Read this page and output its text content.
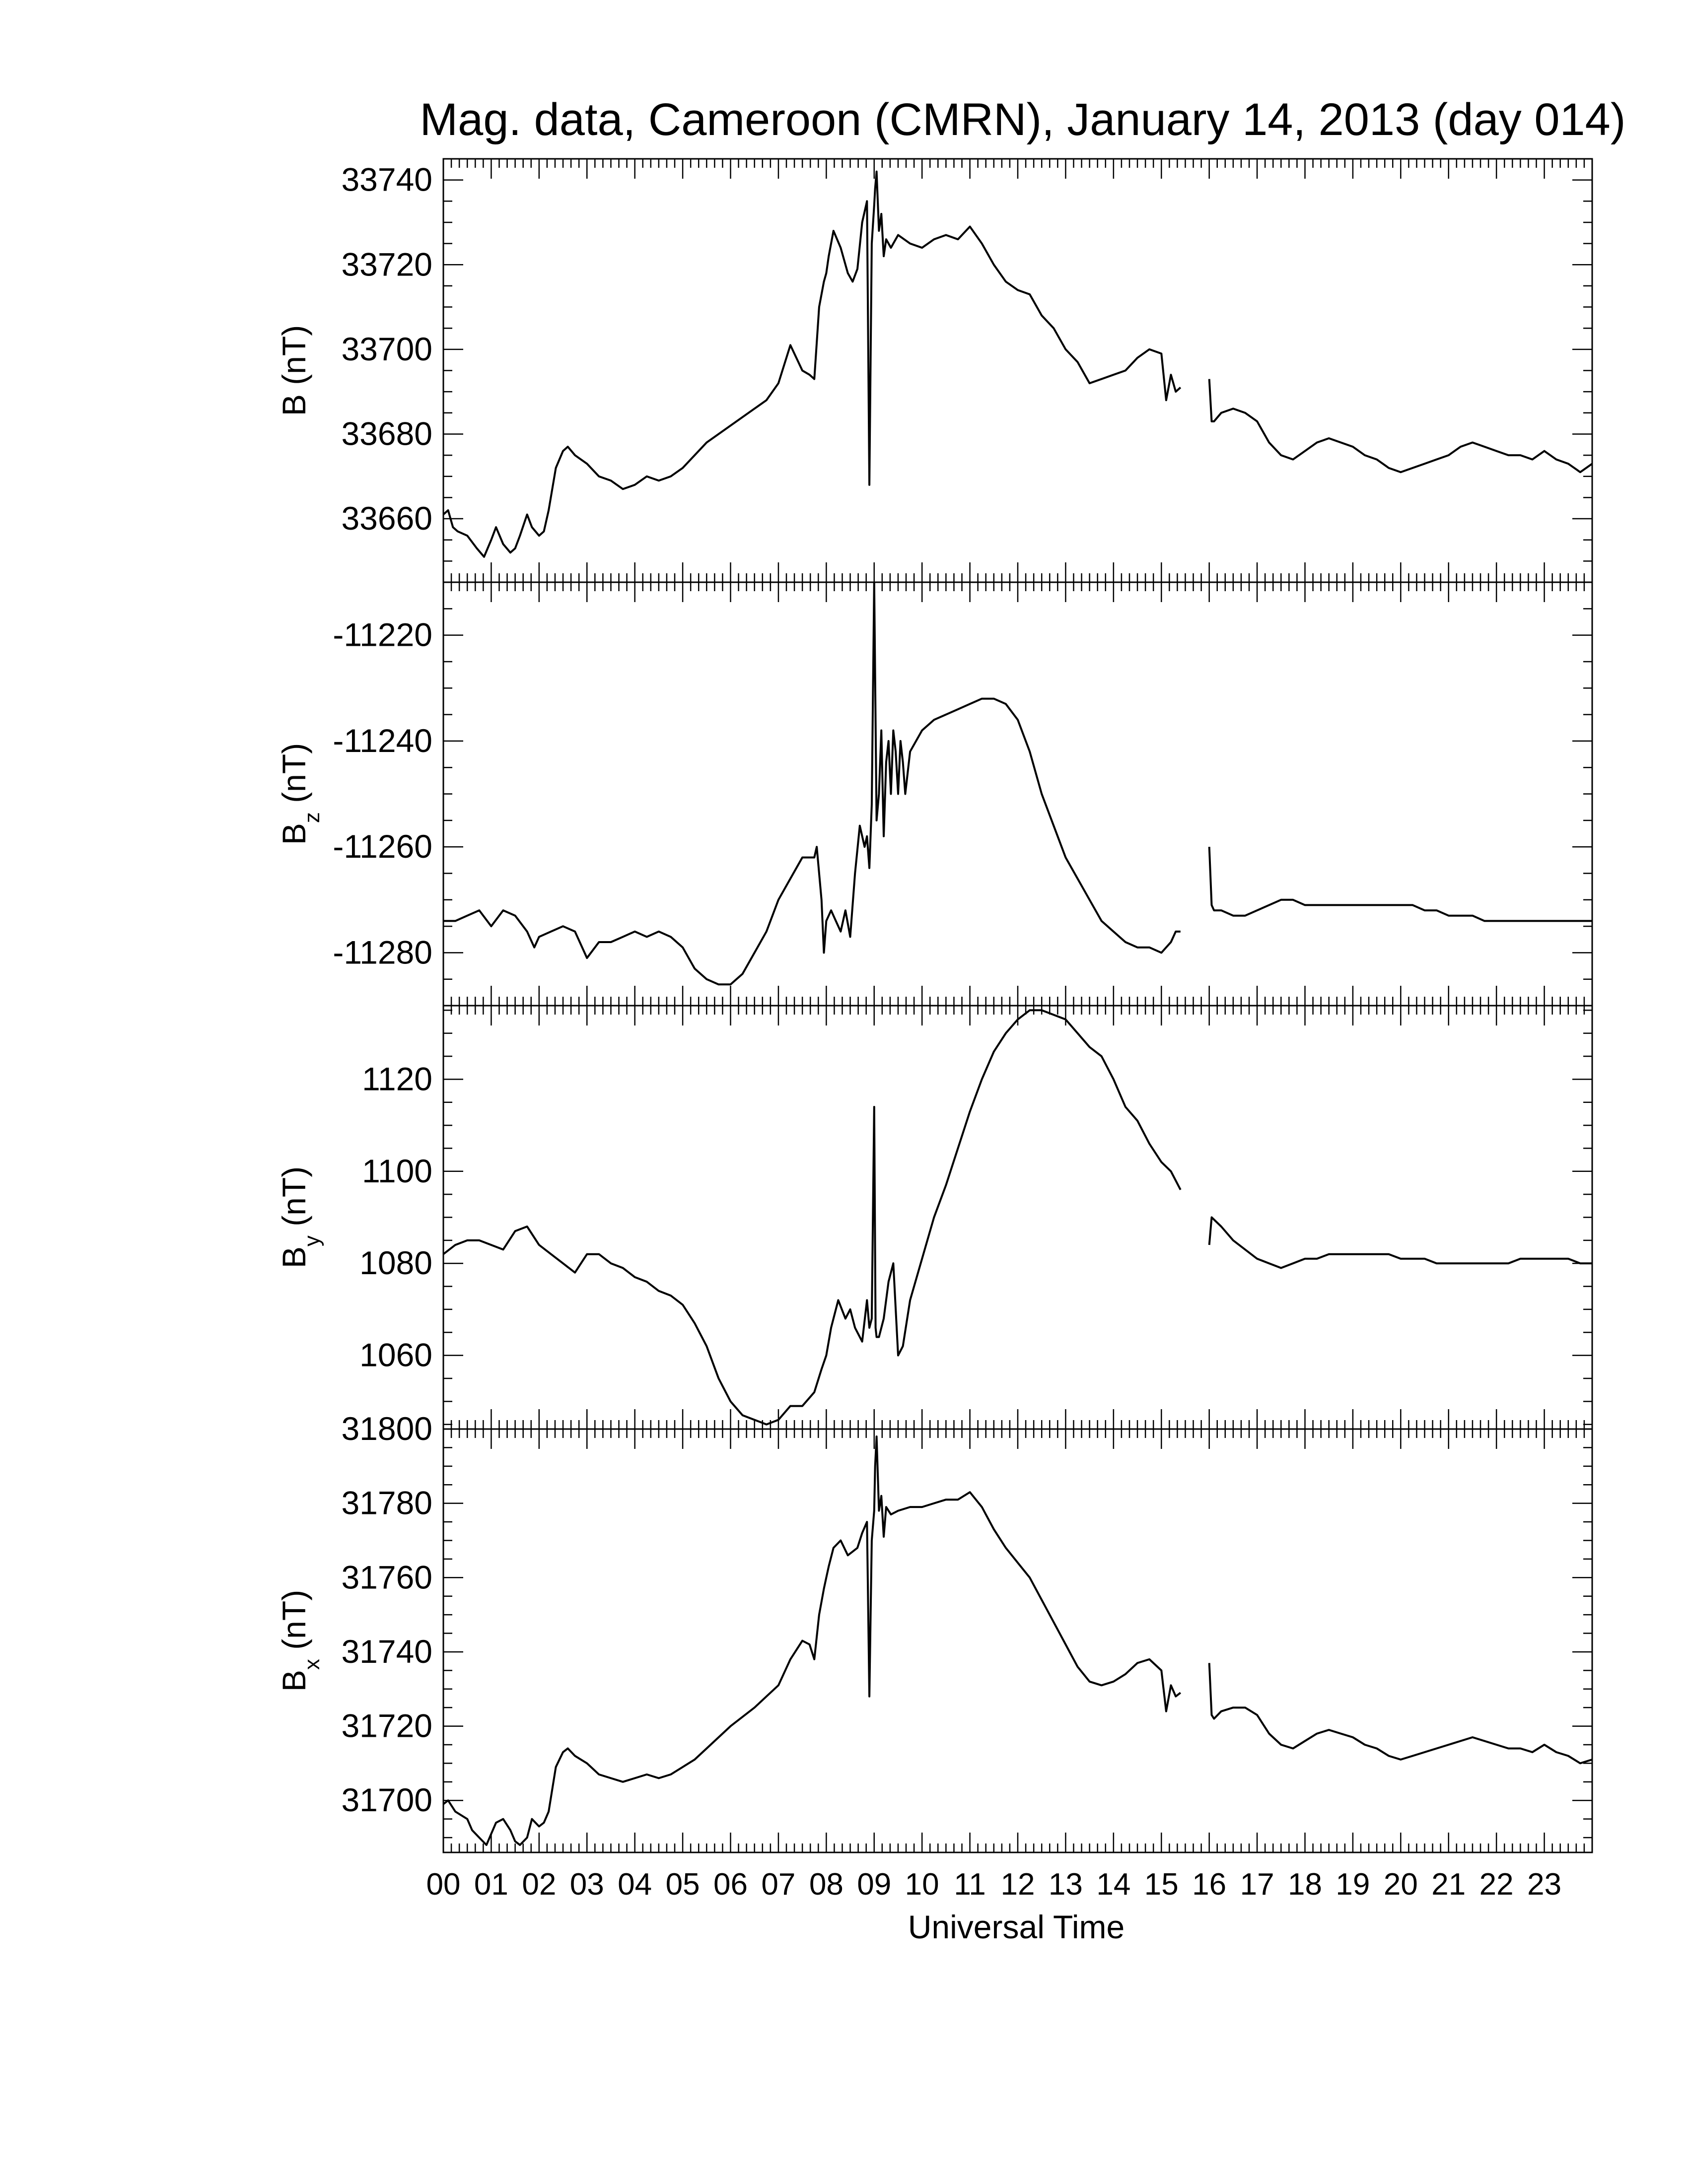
Mag. data, Cameroon (CMRN), January 14, 2013 (day 014)
Universal Time
33660
33680
33700
33720
33740
B (nT)
-11220
-11240
-11260
-11280
$B_z$ (nT)
1060
1080
1100
1120
$B_y$ (nT)
31700
31720
31740
31760
31780
31800
$B_x$ (nT)
00 01 02 03 04 05 06 07 08 09 10 11 12 13 14 15 16 17 18 19 20 21 22 23
